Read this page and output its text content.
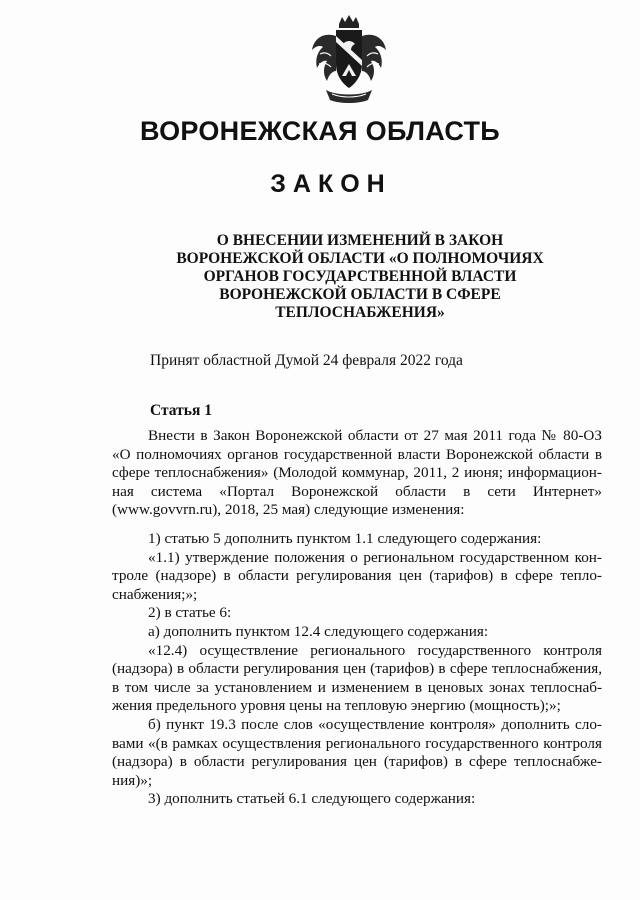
ВОРОНЕЖСКАЯ ОБЛАСТЬ
ЗАКОН
О ВНЕСЕНИИ ИЗМЕНЕНИЙ В ЗАКОН
ВОРОНЕЖСКОЙ ОБЛАСТИ «О ПОЛНОМОЧИЯХ
ОРГАНОВ ГОСУДАРСТВЕННОЙ ВЛАСТИ
ВОРОНЕЖСКОЙ ОБЛАСТИ В СФЕРЕ
ТЕПЛОСНАБЖЕНИЯ»
Принят областной Думой 24 февраля 2022 года
Статья 1
Внести в Закон Воронежской области от 27 мая 2011 года № 80-ОЗ
«О полномочиях органов государственной власти Воронежской области в
сфере теплоснабжения» (Молодой коммунар, 2011, 2 июня; информацион-
ная система «Портал Воронежской области в сети Интернет»
(www.govvrn.ru), 2018, 25 мая) следующие изменения:
1) статью 5 дополнить пунктом 1.1 следующего содержания:
«1.1) утверждение положения о региональном государственном кон-
троле (надзоре) в области регулирования цен (тарифов) в сфере тепло-
снабжения;»;
2) в статье 6:
а) дополнить пунктом 12.4 следующего содержания:
«12.4) осуществление регионального государственного контроля
(надзора) в области регулирования цен (тарифов) в сфере теплоснабжения,
в том числе за установлением и изменением в ценовых зонах теплоснаб-
жения предельного уровня цены на тепловую энергию (мощность);»;
б) пункт 19.3 после слов «осуществление контроля» дополнить сло-
вами «(в рамках осуществления регионального государственного контроля
(надзора) в области регулирования цен (тарифов) в сфере теплоснабже-
ния)»;
3) дополнить статьей 6.1 следующего содержания:
